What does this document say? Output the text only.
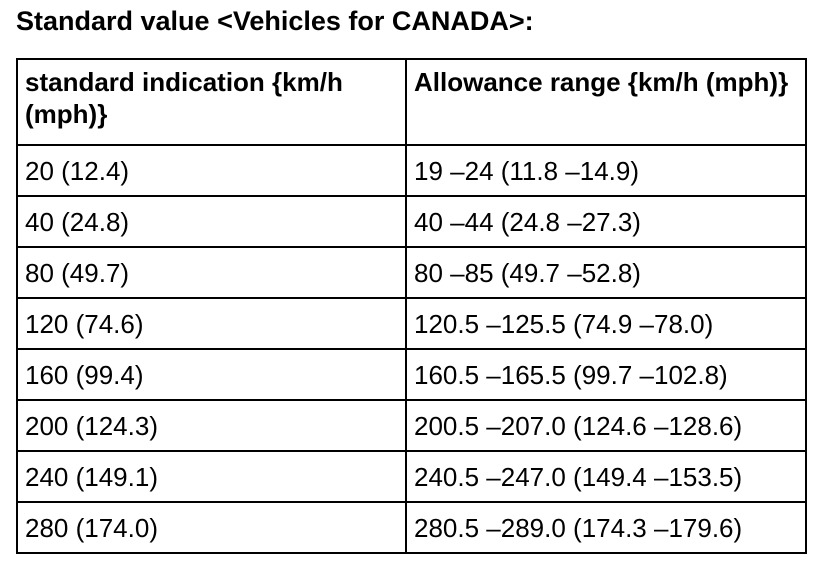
Standard value <Vehicles for CANADA>:
standard indication {km/h (mph)}	Allowance range {km/h (mph)}
20 (12.4)	19 –24 (11.8 –14.9)
40 (24.8)	40 –44 (24.8 –27.3)
80 (49.7)	80 –85 (49.7 –52.8)
120 (74.6)	120.5 –125.5 (74.9 –78.0)
160 (99.4)	160.5 –165.5 (99.7 –102.8)
200 (124.3)	200.5 –207.0 (124.6 –128.6)
240 (149.1)	240.5 –247.0 (149.4 –153.5)
280 (174.0)	280.5 –289.0 (174.3 –179.6)
